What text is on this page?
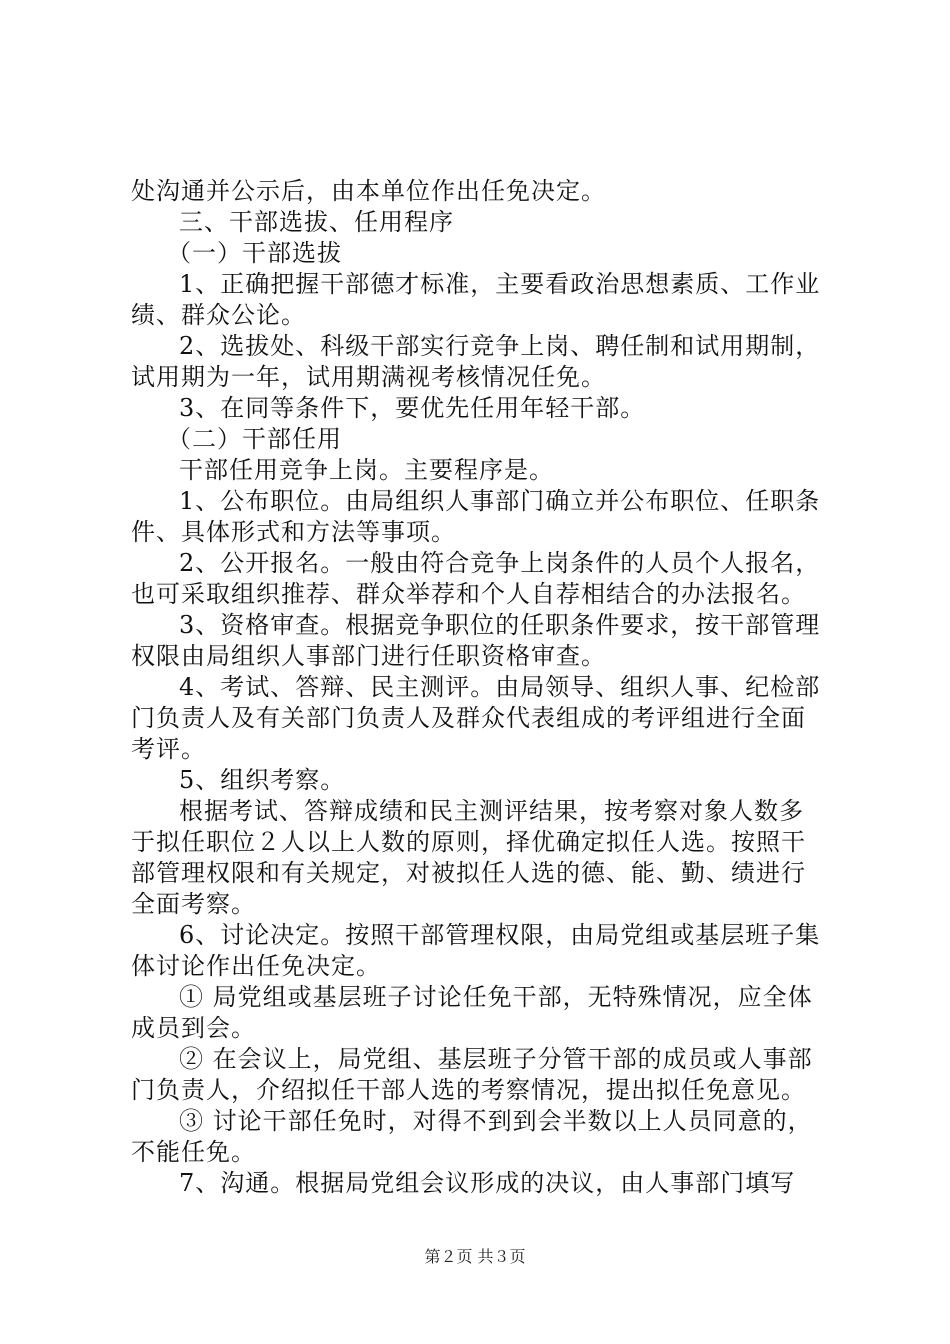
处沟通并公示后，由本单位作出任免决定。
三、干部选拔、任用程序
（一）干部选拔
1、正确把握干部德才标准，主要看政治思想素质、工作业
绩、群众公论。
2、选拔处、科级干部实行竞争上岗、聘任制和试用期制，
试用期为一年，试用期满视考核情况任免。
3、在同等条件下，要优先任用年轻干部。
（二）干部任用
干部任用竞争上岗。主要程序是。
1、公布职位。由局组织人事部门确立并公布职位、任职条
件、具体形式和方法等事项。
2、公开报名。一般由符合竞争上岗条件的人员个人报名，
也可采取组织推荐、群众举荐和个人自荐相结合的办法报名。
3、资格审查。根据竞争职位的任职条件要求，按干部管理
权限由局组织人事部门进行任职资格审查。
4、考试、答辩、民主测评。由局领导、组织人事、纪检部
门负责人及有关部门负责人及群众代表组成的考评组进行全面
考评。
5、组织考察。
根据考试、答辩成绩和民主测评结果，按考察对象人数多
于拟任职位２人以上人数的原则，择优确定拟任人选。按照干
部管理权限和有关规定，对被拟任人选的德、能、勤、绩进行
全面考察。
6、讨论决定。按照干部管理权限，由局党组或基层班子集
体讨论作出任免决定。
① 局党组或基层班子讨论任免干部，无特殊情况，应全体
成员到会。
② 在会议上，局党组、基层班子分管干部的成员或人事部
门负责人，介绍拟任干部人选的考察情况，提出拟任免意见。
③ 讨论干部任免时，对得不到到会半数以上人员同意的，
不能任免。
7、沟通。根据局党组会议形成的决议，由人事部门填写
第２页 共３页
